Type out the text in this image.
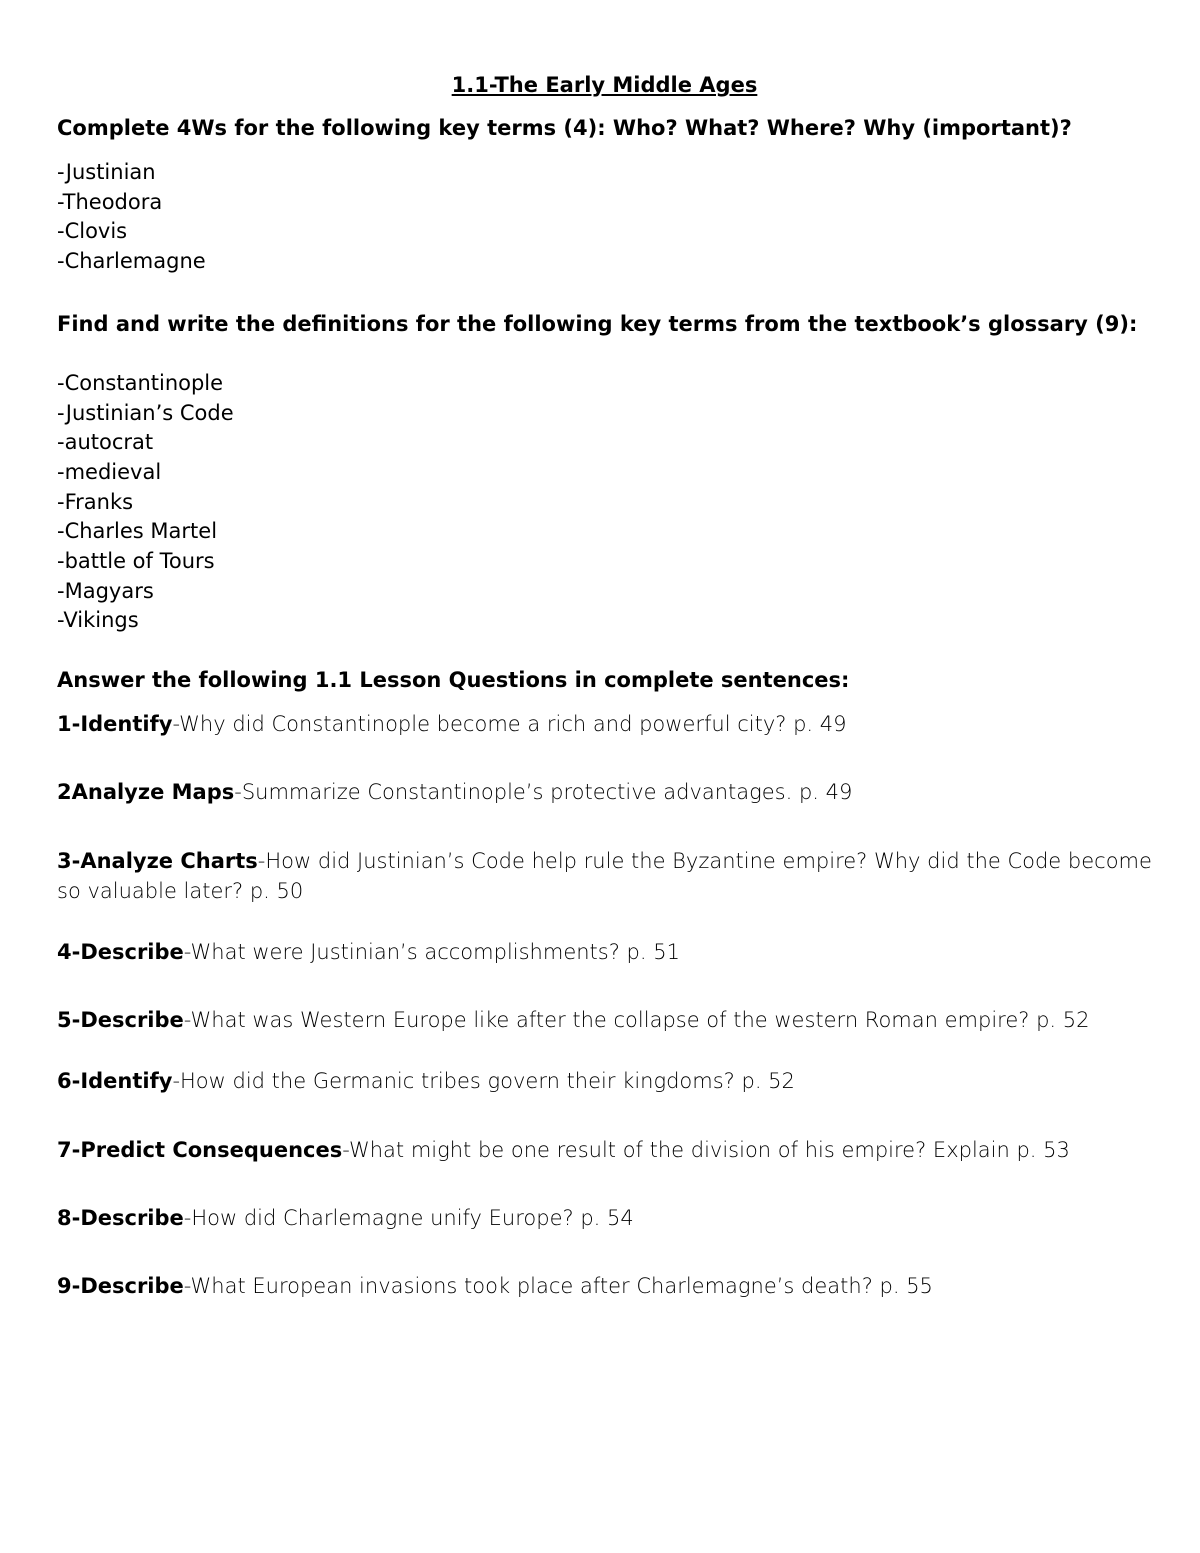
1.1-The Early Middle Ages

Complete 4Ws for the following key terms (4): Who? What? Where? Why (important)?

-Justinian
-Theodora
-Clovis
-Charlemagne

Find and write the definitions for the following key terms from the textbook’s glossary (9):

-Constantinople
-Justinian’s Code
-autocrat
-medieval
-Franks
-Charles Martel
-battle of Tours
-Magyars
-Vikings

Answer the following 1.1 Lesson Questions in complete sentences:

1-Identify-Why did Constantinople become a rich and powerful city? p. 49

2Analyze Maps-Summarize Constantinople’s protective advantages. p. 49

3-Analyze Charts-How did Justinian’s Code help rule the Byzantine empire? Why did the Code become so valuable later? p. 50

4-Describe-What were Justinian’s accomplishments? p. 51

5-Describe-What was Western Europe like after the collapse of the western Roman empire? p. 52

6-Identify-How did the Germanic tribes govern their kingdoms? p. 52

7-Predict Consequences-What might be one result of the division of his empire? Explain p. 53

8-Describe-How did Charlemagne unify Europe? p. 54

9-Describe-What European invasions took place after Charlemagne’s death? p. 55
